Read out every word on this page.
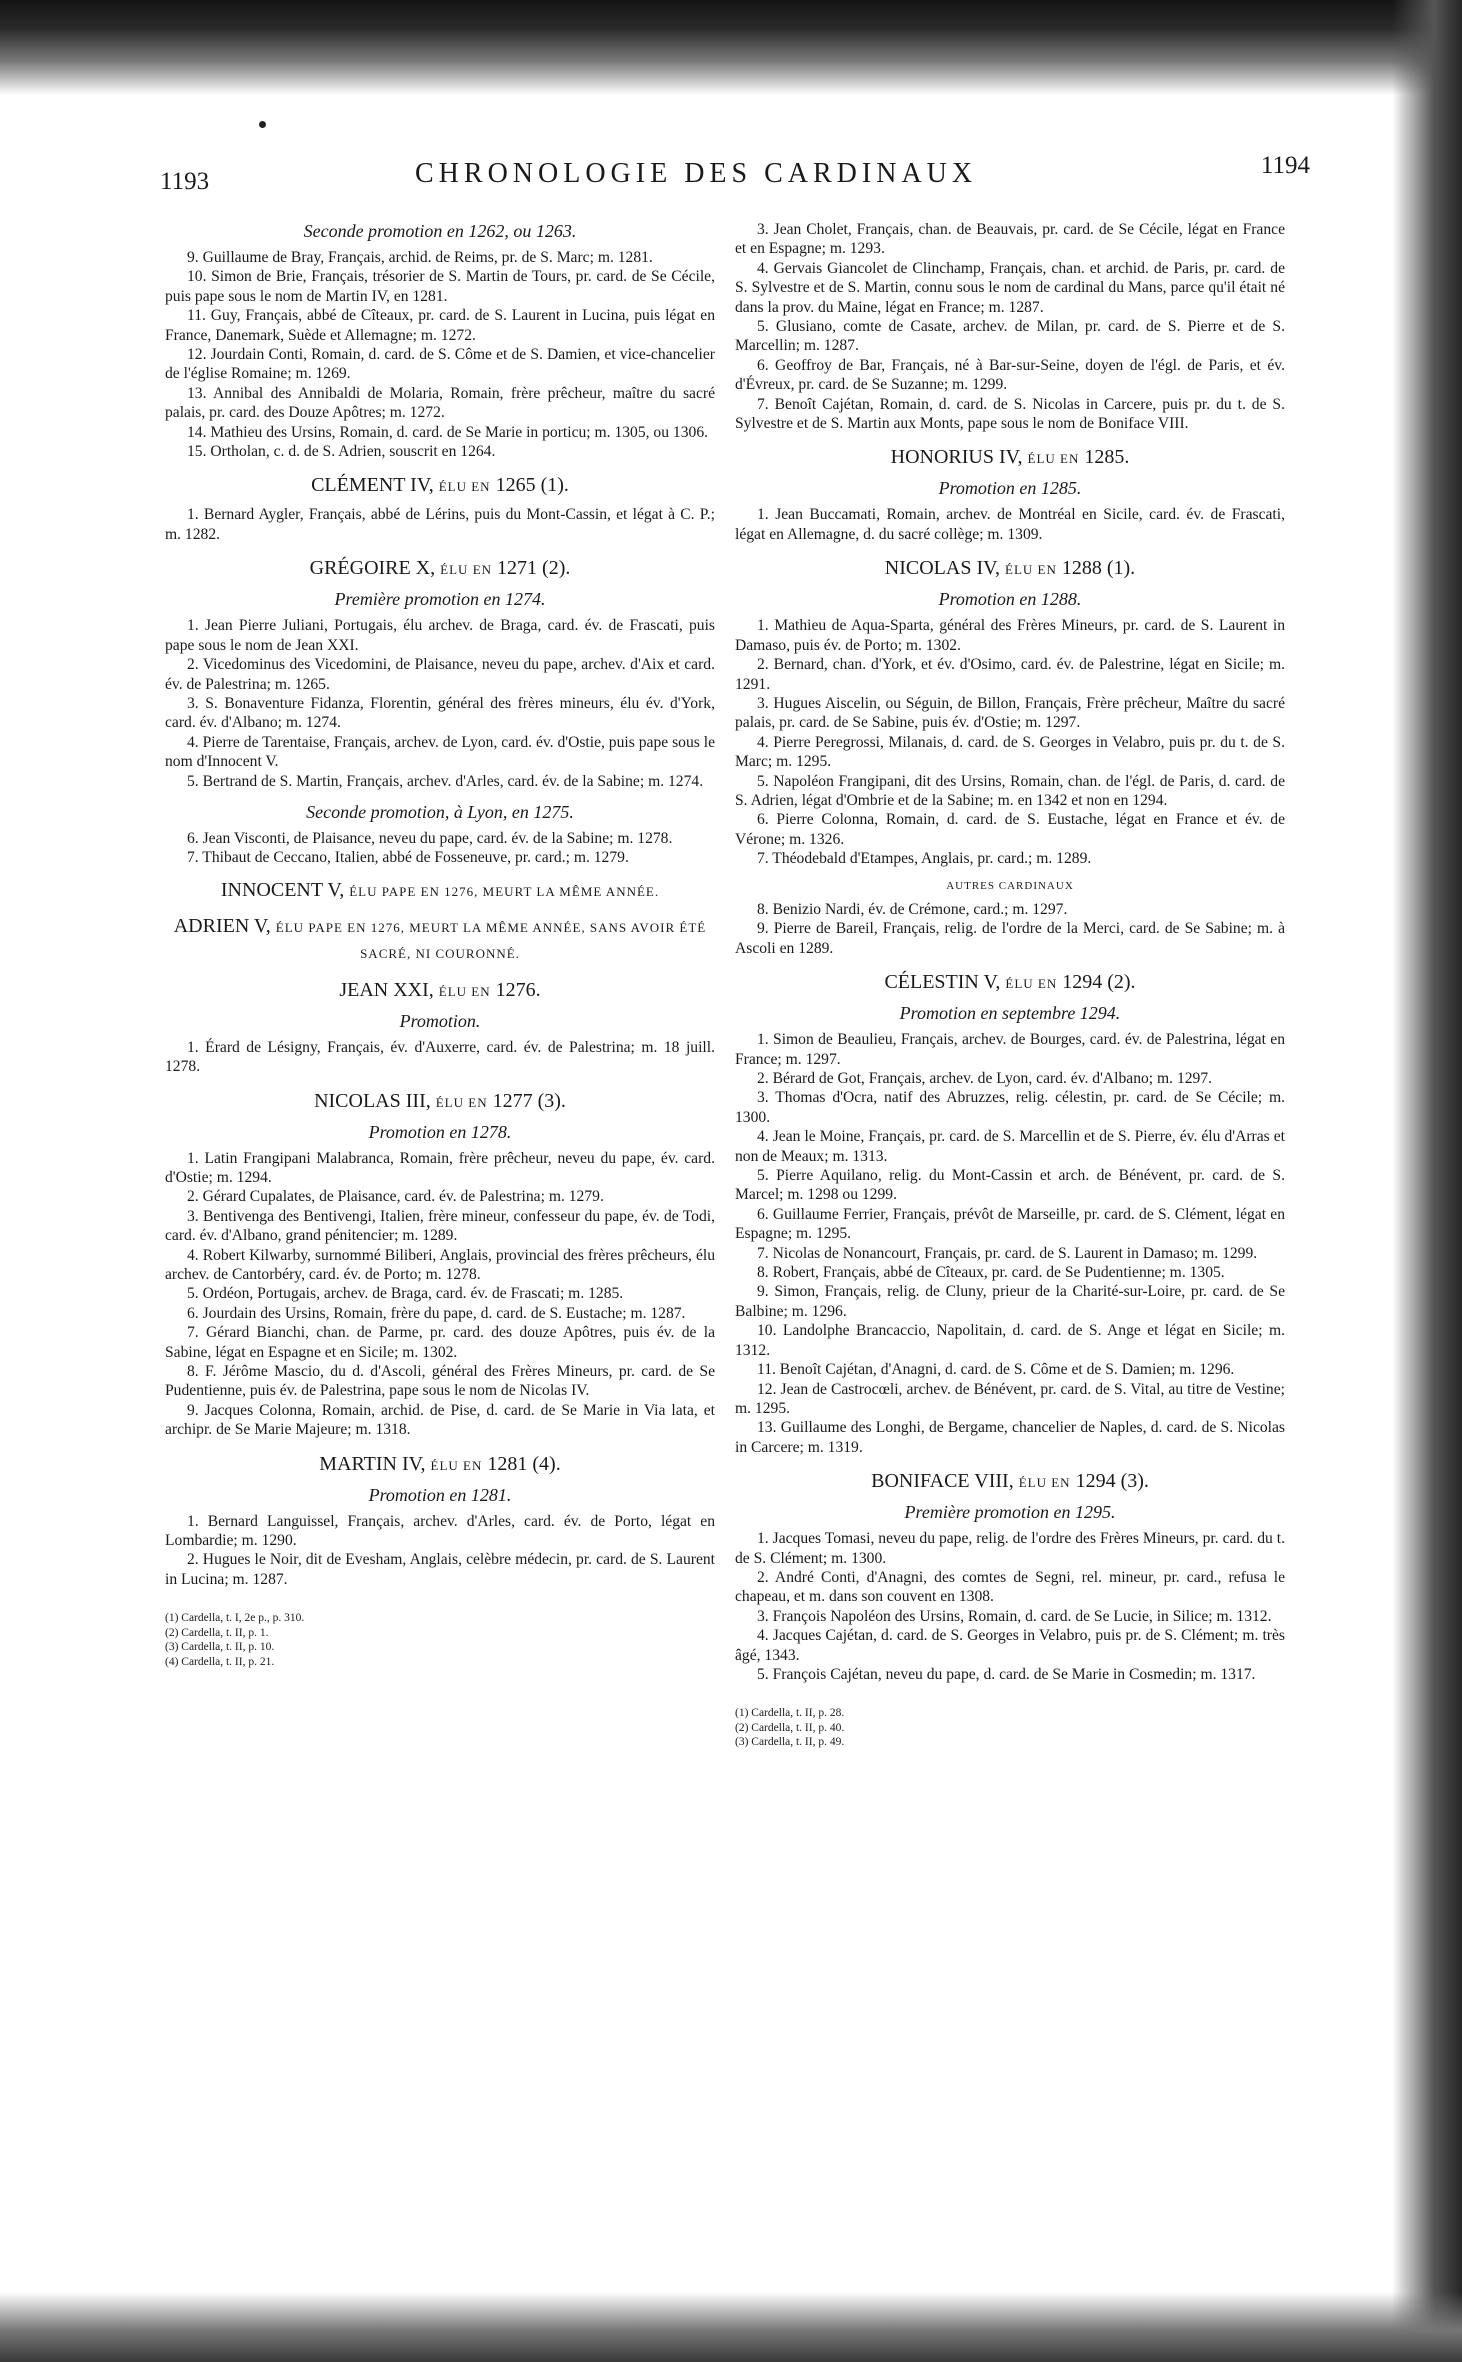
1193	CHRONOLOGIE DES CARDINAUX	1194

Seconde promotion en 1262, ou 1263.

9. Guillaume de Bray, Français, archid. de Reims, pr. de S. Marc; m. 1281.

10. Simon de Brie, Français, trésorier de S. Martin de Tours, pr. card. de Se Cécile, puis pape sous le nom de Martin IV, en 1281.

11. Guy, Français, abbé de Cîteaux, pr. card. de S. Laurent in Lucina, puis légat en France, Danemark, Suède et Allemagne; m. 1272.

12. Jourdain Conti, Romain, d. card. de S. Côme et de S. Damien, et vice-chancelier de l'église Romaine; m. 1269.

13. Annibal des Annibaldi de Molaria, Romain, frère prêcheur, maître du sacré palais, pr. card. des Douze Apôtres; m. 1272.

14. Mathieu des Ursins, Romain, d. card. de Se Marie in porticu; m. 1305, ou 1306.

15. Ortholan, c. d. de S. Adrien, souscrit en 1264.

CLÉMENT IV, ÉLU EN 1265 (1).

1. Bernard Aygler, Français, abbé de Lérins, puis du Mont-Cassin, et légat à C. P.; m. 1282.

GRÉGOIRE X, ÉLU EN 1271 (2).

Première promotion en 1274.

1. Jean Pierre Juliani, Portugais, élu archev. de Braga, card. év. de Frascati, puis pape sous le nom de Jean XXI.

2. Vicedominus des Vicedomini, de Plaisance, neveu du pape, archev. d'Aix et card. év. de Palestrina; m. 1265.

3. S. Bonaventure Fidanza, Florentin, général des frères mineurs, élu év. d'York, card. év. d'Albano; m. 1274.

4. Pierre de Tarentaise, Français, archev. de Lyon, card. év. d'Ostie, puis pape sous le nom d'Innocent V.

5. Bertrand de S. Martin, Français, archev. d'Arles, card. év. de la Sabine; m. 1274.

Seconde promotion, à Lyon, en 1275.

6. Jean Visconti, de Plaisance, neveu du pape, card. év. de la Sabine; m. 1278.

7. Thibaut de Ceccano, Italien, abbé de Fosseneuve, pr. card.; m. 1279.

INNOCENT V, ÉLU PAPE EN 1276, MEURT LA MÊME ANNÉE.

ADRIEN V, ÉLU PAPE EN 1276, MEURT LA MÊME ANNÉE, SANS AVOIR ÉTÉ SACRÉ, NI COURONNÉ.

JEAN XXI, ÉLU EN 1276.

Promotion.

1. Érard de Lésigny, Français, év. d'Auxerre, card. év. de Palestrina; m. 18 juill. 1278.

NICOLAS III, ÉLU EN 1277 (3).

Promotion en 1278.

1. Latin Frangipani Malabranca, Romain, frère prêcheur, neveu du pape, év. card. d'Ostie; m. 1294.

2. Gérard Cupalates, de Plaisance, card. év. de Palestrina; m. 1279.

3. Bentivenga des Bentivengi, Italien, frère mineur, confesseur du pape, év. de Todi, card. év. d'Albano, grand pénitencier; m. 1289.

4. Robert Kilwarby, surnommé Biliberi, Anglais, provincial des frères prêcheurs, élu archev. de Cantorbéry, card. év. de Porto; m. 1278.

5. Ordéon, Portugais, archev. de Braga, card. év. de Frascati; m. 1285.

6. Jourdain des Ursins, Romain, frère du pape, d. card. de S. Eustache; m. 1287.

7. Gérard Bianchi, chan. de Parme, pr. card. des douze Apôtres, puis év. de la Sabine, légat en Espagne et en Sicile; m. 1302.

8. F. Jérôme Mascio, du d. d'Ascoli, général des Frères Mineurs, pr. card. de Se Pudentienne, puis év. de Palestrina, pape sous le nom de Nicolas IV.

9. Jacques Colonna, Romain, archid. de Pise, d. card. de Se Marie in Via lata, et archipr. de Se Marie Majeure; m. 1318.

MARTIN IV, ÉLU EN 1281 (4).

Promotion en 1281.

1. Bernard Languissel, Français, archev. d'Arles, card. év. de Porto, légat en Lombardie; m. 1290.

2. Hugues le Noir, dit de Evesham, Anglais, celèbre médecin, pr. card. de S. Laurent in Lucina; m. 1287.

(1) Cardella, t. I, 2e p., p. 310.

(2) Cardella, t. II, p. 1.

(3) Cardella, t. II, p. 10.

(4) Cardella, t. II, p. 21.

3. Jean Cholet, Français, chan. de Beauvais, pr. card. de Se Cécile, légat en France et en Espagne; m. 1293.

4. Gervais Giancolet de Clinchamp, Français, chan. et archid. de Paris, pr. card. de S. Sylvestre et de S. Martin, connu sous le nom de cardinal du Mans, parce qu'il était né dans la prov. du Maine, légat en France; m. 1287.

5. Glusiano, comte de Casate, archev. de Milan, pr. card. de S. Pierre et de S. Marcellin; m. 1287.

6. Geoffroy de Bar, Français, né à Bar-sur-Seine, doyen de l'égl. de Paris, et év. d'Évreux, pr. card. de Se Suzanne; m. 1299.

7. Benoît Cajétan, Romain, d. card. de S. Nicolas in Carcere, puis pr. du t. de S. Sylvestre et de S. Martin aux Monts, pape sous le nom de Boniface VIII.

HONORIUS IV, ÉLU EN 1285.

Promotion en 1285.

1. Jean Buccamati, Romain, archev. de Montréal en Sicile, card. év. de Frascati, légat en Allemagne, d. du sacré collège; m. 1309.

NICOLAS IV, ÉLU EN 1288 (1).

Promotion en 1288.

1. Mathieu de Aqua-Sparta, général des Frères Mineurs, pr. card. de S. Laurent in Damaso, puis év. de Porto; m. 1302.

2. Bernard, chan. d'York, et év. d'Osimo, card. év. de Palestrine, légat en Sicile; m. 1291.

3. Hugues Aiscelin, ou Séguin, de Billon, Français, Frère prêcheur, Maître du sacré palais, pr. card. de Se Sabine, puis év. d'Ostie; m. 1297.

4. Pierre Peregrossi, Milanais, d. card. de S. Georges in Velabro, puis pr. du t. de S. Marc; m. 1295.

5. Napoléon Frangipani, dit des Ursins, Romain, chan. de l'égl. de Paris, d. card. de S. Adrien, légat d'Ombrie et de la Sabine; m. en 1342 et non en 1294.

6. Pierre Colonna, Romain, d. card. de S. Eustache, légat en France et év. de Vérone; m. 1326.

7. Théodebald d'Etampes, Anglais, pr. card.; m. 1289.

AUTRES CARDINAUX

8. Benizio Nardi, év. de Crémone, card.; m. 1297.

9. Pierre de Bareil, Français, relig. de l'ordre de la Merci, card. de Se Sabine; m. à Ascoli en 1289.

CÉLESTIN V, ÉLU EN 1294 (2).

Promotion en septembre 1294.

1. Simon de Beaulieu, Français, archev. de Bourges, card. év. de Palestrina, légat en France; m. 1297.

2. Bérard de Got, Français, archev. de Lyon, card. év. d'Albano; m. 1297.

3. Thomas d'Ocra, natif des Abruzzes, relig. célestin, pr. card. de Se Cécile; m. 1300.

4. Jean le Moine, Français, pr. card. de S. Marcellin et de S. Pierre, év. élu d'Arras et non de Meaux; m. 1313.

5. Pierre Aquilano, relig. du Mont-Cassin et arch. de Bénévent, pr. card. de S. Marcel; m. 1298 ou 1299.

6. Guillaume Ferrier, Français, prévôt de Marseille, pr. card. de S. Clément, légat en Espagne; m. 1295.

7. Nicolas de Nonancourt, Français, pr. card. de S. Laurent in Damaso; m. 1299.

8. Robert, Français, abbé de Cîteaux, pr. card. de Se Pudentienne; m. 1305.

9. Simon, Français, relig. de Cluny, prieur de la Charité-sur-Loire, pr. card. de Se Balbine; m. 1296.

10. Landolphe Brancaccio, Napolitain, d. card. de S. Ange et légat en Sicile; m. 1312.

11. Benoît Cajétan, d'Anagni, d. card. de S. Côme et de S. Damien; m. 1296.

12. Jean de Castrocœli, archev. de Bénévent, pr. card. de S. Vital, au titre de Vestine; m. 1295.

13. Guillaume des Longhi, de Bergame, chancelier de Naples, d. card. de S. Nicolas in Carcere; m. 1319.

BONIFACE VIII, ÉLU EN 1294 (3).

Première promotion en 1295.

1. Jacques Tomasi, neveu du pape, relig. de l'ordre des Frères Mineurs, pr. card. du t. de S. Clément; m. 1300.

2. André Conti, d'Anagni, des comtes de Segni, rel. mineur, pr. card., refusa le chapeau, et m. dans son couvent en 1308.

3. François Napoléon des Ursins, Romain, d. card. de Se Lucie, in Silice; m. 1312.

4. Jacques Cajétan, d. card. de S. Georges in Velabro, puis pr. de S. Clément; m. très âgé, 1343.

5. François Cajétan, neveu du pape, d. card. de Se Marie in Cosmedin; m. 1317.

(1) Cardella, t. II, p. 28.

(2) Cardella, t. II, p. 40.

(3) Cardella, t. II, p. 49.
